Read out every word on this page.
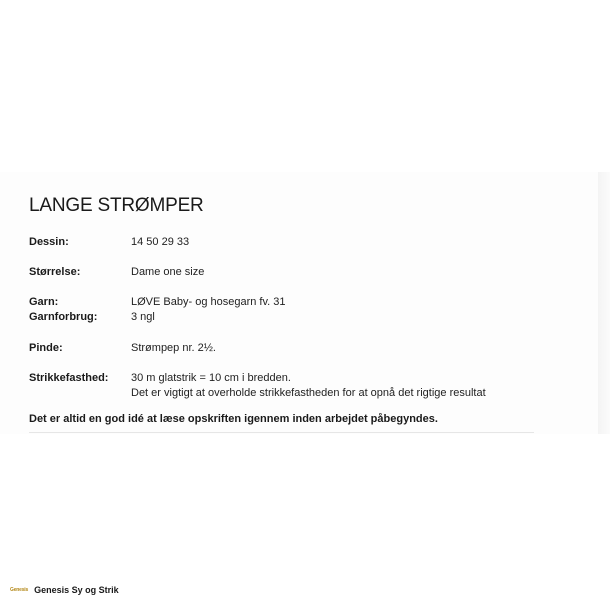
LANGE STRØMPER
Dessin:	14 50 29 33
Størrelse:	Dame one size
Garn:	LØVE Baby- og hosegarn fv. 31
Garnforbrug:	3 ngl
Pinde:	Strømpep nr. 2½.
Strikkefasthed: 30 m glatstrik = 10 cm i bredden.
Det er vigtigt at overholde strikkefastheden for at opnå det rigtige resultat
Det er altid en god idé at læse opskriften igennem inden arbejdet påbegyndes.
Genesis Genesis Sy og Strik
